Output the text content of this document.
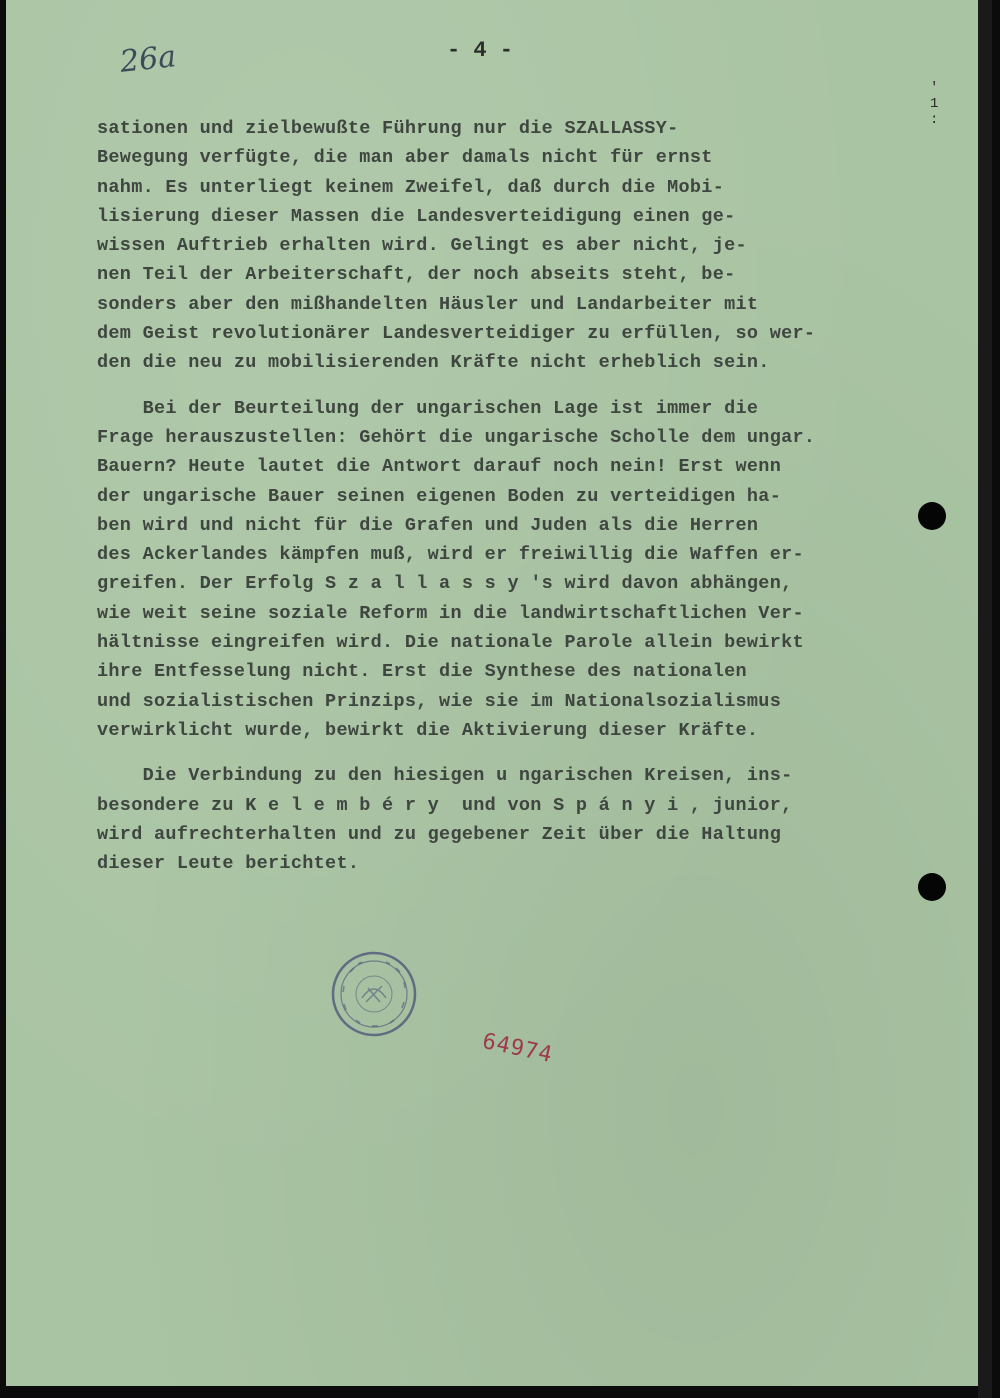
26a	- 4 -
'
1
:
sationen und zielbewußte Führung nur die SZALLASSY-
Bewegung verfügte, die man aber damals nicht für ernst
nahm. Es unterliegt keinem Zweifel, daß durch die Mobi-
lisierung dieser Massen die Landesverteidigung einen ge-
wissen Auftrieb erhalten wird. Gelingt es aber nicht, je-
nen Teil der Arbeiterschaft, der noch abseits steht, be-
sonders aber den mißhandelten Häusler und Landarbeiter mit
dem Geist revolutionärer Landesverteidiger zu erfüllen, so wer-
den die neu zu mobilisierenden Kräfte nicht erheblich sein.
Bei der Beurteilung der ungarischen Lage ist immer die
Frage herauszustellen: Gehört die ungarische Scholle dem ungar.
Bauern? Heute lautet die Antwort darauf noch nein! Erst wenn
der ungarische Bauer seinen eigenen Boden zu verteidigen ha-
ben wird und nicht für die Grafen und Juden als die Herren
des Ackerlandes kämpfen muß, wird er freiwillig die Waffen er-
greifen. Der Erfolg S z a l l a s s y 's wird davon abhängen,
wie weit seine soziale Reform in die landwirtschaftlichen Ver-
hältnisse eingreifen wird. Die nationale Parole allein bewirkt
ihre Entfesselung nicht. Erst die Synthese des nationalen
und sozialistischen Prinzips, wie sie im Nationalsozialismus
verwirklicht wurde, bewirkt die Aktivierung dieser Kräfte.
Die Verbindung zu den hiesigen u ngarischen Kreisen, ins-
besondere zu K e l e m b é r y  und von S p á n y i , junior,
wird aufrechterhalten und zu gegebener Zeit über die Haltung
dieser Leute berichtet.
64974
